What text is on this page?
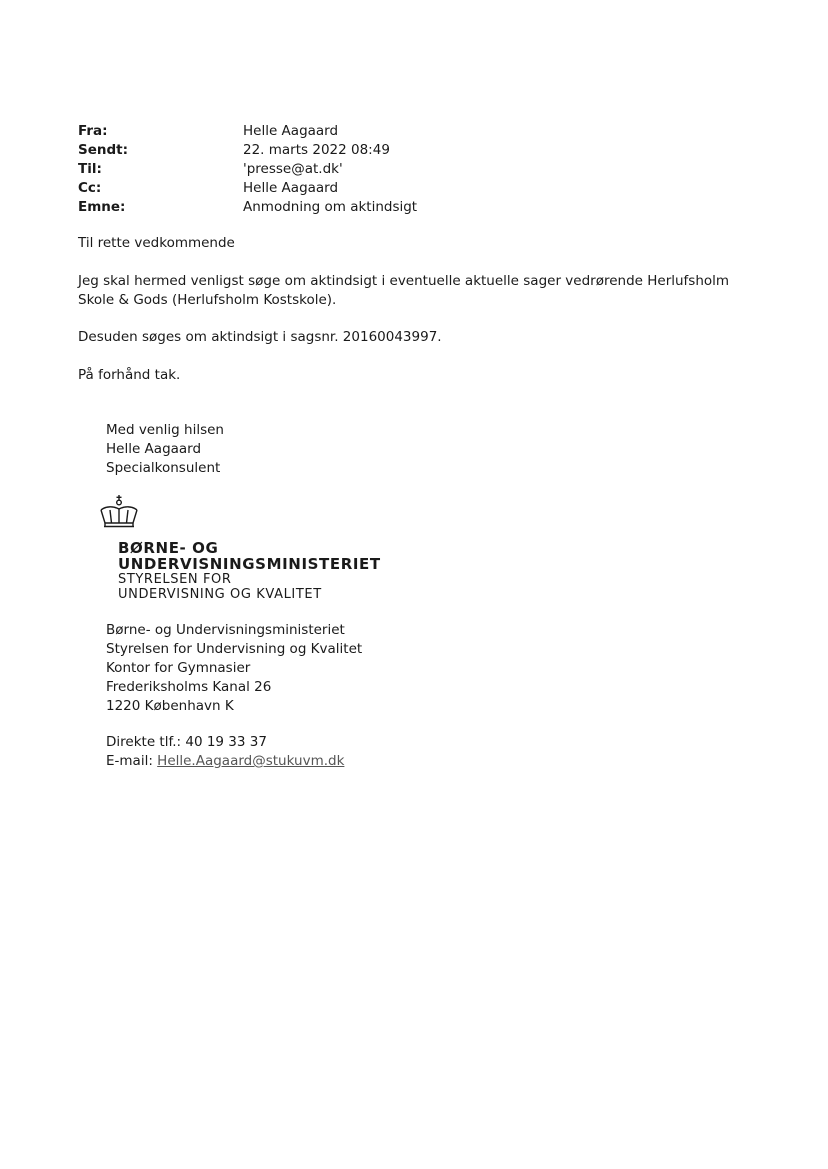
Fra:	Helle Aagaard
Sendt:	22. marts 2022 08:49
Til:	'presse@at.dk'
Cc:	Helle Aagaard
Emne:	Anmodning om aktindsigt

Til rette vedkommende

Jeg skal hermed venligst søge om aktindsigt i eventuelle aktuelle sager vedrørende Herlufsholm Skole & Gods (Herlufsholm Kostskole).

Desuden søges om aktindsigt i sagsnr. 20160043997.

På forhånd tak.

Med venlig hilsen
Helle Aagaard
Specialkonsulent
BØRNE- OG
UNDERVISNINGSMINISTERIET
STYRELSEN FOR
UNDERVISNING OG KVALITET
Børne- og Undervisningsministeriet
Styrelsen for Undervisning og Kvalitet
Kontor for Gymnasier
Frederiksholms Kanal 26
1220 København K
Direkte tlf.: 40 19 33 37
E-mail: Helle.Aagaard@stukuvm.dk
